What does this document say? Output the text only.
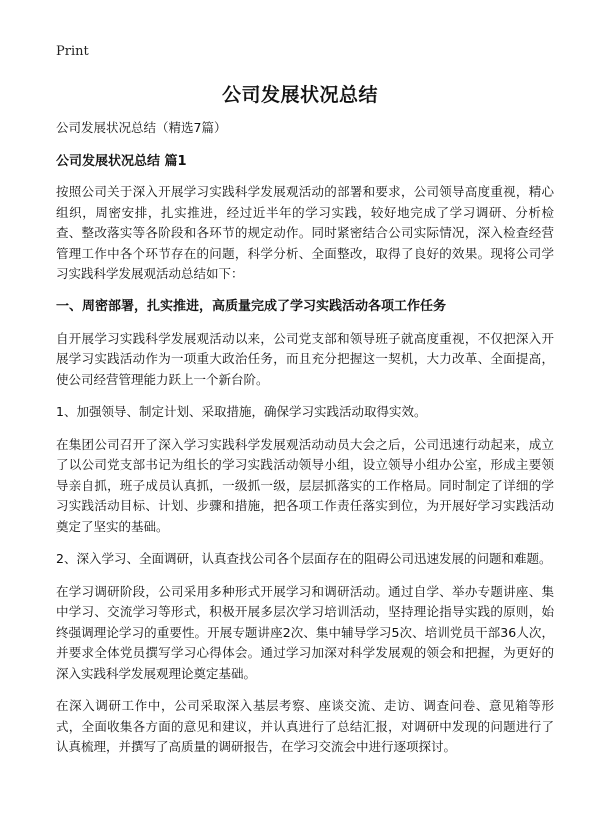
Print
公司发展状况总结

公司发展状况总结（精选7篇）

公司发展状况总结 篇1

按照公司关于深入开展学习实践科学发展观活动的部署和要求，公司领导高度重视，精心组织，周密安排，扎实推进，经过近半年的学习实践，较好地完成了学习调研、分析检查、整改落实等各阶段和各环节的规定动作。同时紧密结合公司实际情况，深入检查经营管理工作中各个环节存在的问题，科学分析、全面整改，取得了良好的效果。现将公司学习实践科学发展观活动总结如下：

一、周密部署，扎实推进，高质量完成了学习实践活动各项工作任务

自开展学习实践科学发展观活动以来，公司党支部和领导班子就高度重视，不仅把深入开展学习实践活动作为一项重大政治任务，而且充分把握这一契机，大力改革、全面提高，使公司经营管理能力跃上一个新台阶。

1、加强领导、制定计划、采取措施，确保学习实践活动取得实效。

在集团公司召开了深入学习实践科学发展观活动动员大会之后，公司迅速行动起来，成立了以公司党支部书记为组长的学习实践活动领导小组，设立领导小组办公室，形成主要领导亲自抓，班子成员认真抓，一级抓一级，层层抓落实的工作格局。同时制定了详细的学习实践活动目标、计划、步骤和措施，把各项工作责任落实到位，为开展好学习实践活动奠定了坚实的基础。

2、深入学习、全面调研，认真查找公司各个层面存在的阻碍公司迅速发展的问题和难题。

在学习调研阶段，公司采用多种形式开展学习和调研活动。通过自学、举办专题讲座、集中学习、交流学习等形式，积极开展多层次学习培训活动，坚持理论指导实践的原则，始终强调理论学习的重要性。开展专题讲座2次、集中辅导学习5次、培训党员干部36人次，并要求全体党员撰写学习心得体会。通过学习加深对科学发展观的领会和把握，为更好的深入实践科学发展观理论奠定基础。

在深入调研工作中，公司采取深入基层考察、座谈交流、走访、调查问卷、意见箱等形式，全面收集各方面的意见和建议，并认真进行了总结汇报，对调研中发现的问题进行了认真梳理，并撰写了高质量的调研报告，在学习交流会中进行逐项探讨。
